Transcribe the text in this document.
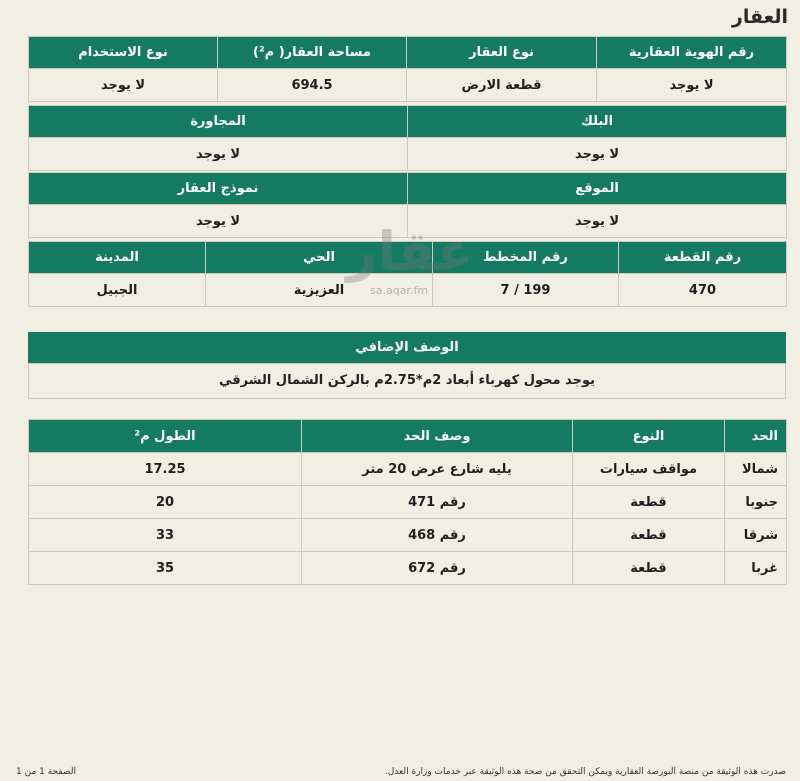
العقار
رقم الهوية العقارية	نوع العقار	مساحة العقار( م²)	نوع الاستخدام
لا يوجد	قطعة الارض	694.5	لا يوجد
البلك	المجاورة
لا يوجد	لا يوجد
الموقع	نموذج العقار
لا يوجد	لا يوجد
رقم القطعة	رقم المخطط	الحي	المدينة
470	7 / 199	العزيزية	الجبيل
عقار
sa.aqar.fm
الوصف الإضافي
يوجد محول كهرباء أبعاد 2م*2.75م بالركن الشمال الشرقي
الحد	النوع	وصف الحد	الطول م²
شمالا	مواقف سيارات	يليه شارع عرض 20 متر	17.25
جنوبا	قطعة	رقم 471	20
شرقا	قطعة	رقم 468	33
غربا	قطعة	رقم 672	35
صدرت هذه الوثيقة من منصة البورصة العقارية ويمكن التحقق من صحة هذه الوثيقة عبر خدمات وزارة العدل.
الصفحة 1 من 1
